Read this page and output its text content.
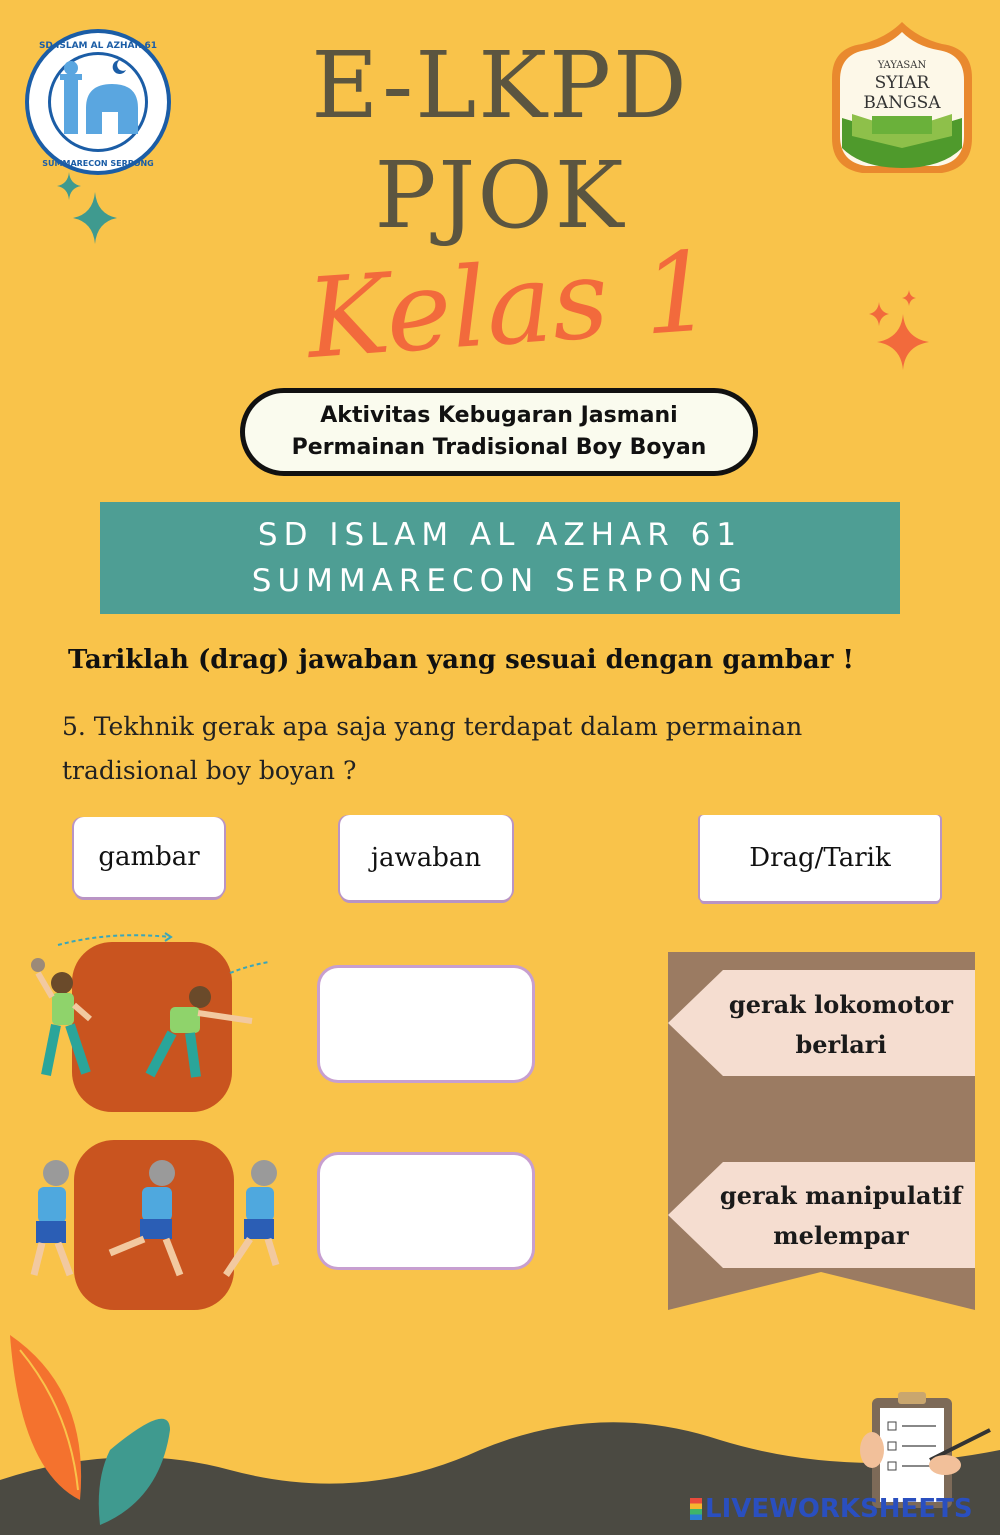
SD ISLAM AL AZHAR 61
SUMMARECON SERPONG
YAYASAN
SYIAR
BANGSA
E-LKPD
PJOK
Kelas 1
Aktivitas Kebugaran Jasmani
Permainan Tradisional Boy Boyan
SD ISLAM AL AZHAR 61
SUMMARECON SERPONG
Tariklah (drag) jawaban yang sesuai dengan gambar !
5. Tekhnik gerak apa saja yang terdapat dalam permainan
tradisional boy boyan ?
gambar	jawaban	Drag/Tarik
gerak lokomotor
berlari
gerak manipulatif
melempar
LIVEWORKSHEETS
